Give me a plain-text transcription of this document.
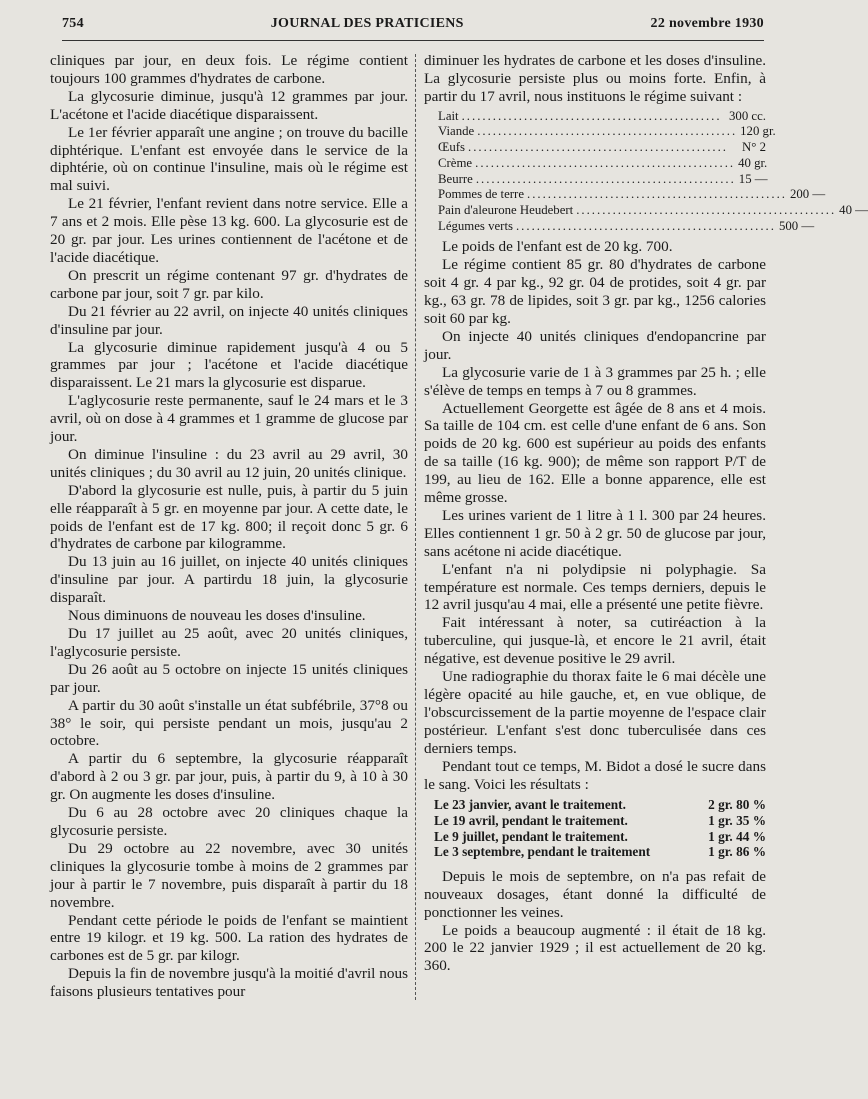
754	JOURNAL DES PRATICIENS	22 novembre 1930

cliniques par jour, en deux fois. Le régime contient toujours 100 grammes d'hydrates de carbone.

La glycosurie diminue, jusqu'à 12 grammes par jour. L'acétone et l'acide diacétique disparaissent.

Le 1er février apparaît une angine ; on trouve du bacille diphtérique. L'enfant est envoyée dans le service de la diphtérie, où on continue l'insuline, mais où le régime est mal suivi.

Le 21 février, l'enfant revient dans notre service. Elle a 7 ans et 2 mois. Elle pèse 13 kg. 600. La glycosurie est de 20 gr. par jour. Les urines contiennent de l'acétone et de l'acide diacétique.

On prescrit un régime contenant 97 gr. d'hydrates de carbone par jour, soit 7 gr. par kilo.

Du 21 février au 22 avril, on injecte 40 unités cliniques d'insuline par jour.

La glycosurie diminue rapidement jusqu'à 4 ou 5 grammes par jour ; l'acétone et l'acide diacétique disparaissent. Le 21 mars la glycosurie est disparue.

L'aglycosurie reste permanente, sauf le 24 mars et le 3 avril, où on dose à 4 grammes et 1 gramme de glucose par jour.

On diminue l'insuline : du 23 avril au 29 avril, 30 unités cliniques ; du 30 avril au 12 juin, 20 unités clinique.

D'abord la glycosurie est nulle, puis, à partir du 5 juin elle réapparaît à 5 gr. en moyenne par jour. A cette date, le poids de l'enfant est de 17 kg. 800; il reçoit donc 5 gr. 6 d'hydrates de carbone par kilogramme.

Du 13 juin au 16 juillet, on injecte 40 unités cliniques d'insuline par jour. A partirdu 18 juin, la glycosurie disparaît.

Nous diminuons de nouveau les doses d'insuline.

Du 17 juillet au 25 août, avec 20 unités cliniques, l'aglycosurie persiste.

Du 26 août au 5 octobre on injecte 15 unités cliniques par jour.

A partir du 30 août s'installe un état subfébrile, 37°8 ou 38° le soir, qui persiste pendant un mois, jusqu'au 2 octobre.

A partir du 6 septembre, la glycosurie réapparaît d'abord à 2 ou 3 gr. par jour, puis, à partir du 9, à 10 à 30 gr. On augmente les doses d'insuline.

Du 6 au 28 octobre avec 20 cliniques chaque la glycosurie persiste.

Du 29 octobre au 22 novembre, avec 30 unités cliniques la glycosurie tombe à moins de 2 grammes par jour à partir le 7 novembre, puis disparaît à partir du 18 novembre.

Pendant cette période le poids de l'enfant se maintient entre 19 kilogr. et 19 kg. 500. La ration des hydrates de carbones est de 5 gr. par kilogr.

Depuis la fin de novembre jusqu'à la moitié d'avril nous faisons plusieurs tentatives pour

diminuer les hydrates de carbone et les doses d'insuline. La glycosurie persiste plus ou moins forte. Enfin, à partir du 17 avril, nous instituons le régime suivant :

Lait .................................................. 300 cc.
Viande .................................................. 120 gr.
Œufs ..................................................	N° 2
Crème .................................................. 40 gr.
Beurre .................................................. 15 —
Pommes de terre .................................................. 200 —
Pain d'aleurone Heudebert .................................................. 40 —
Légumes verts .................................................. 500 —

Le poids de l'enfant est de 20 kg. 700.

Le régime contient 85 gr. 80 d'hydrates de carbone soit 4 gr. 4 par kg., 92 gr. 04 de protides, soit 4 gr. par kg., 63 gr. 78 de lipides, soit 3 gr. par kg., 1256 calories soit 60 par kg.

On injecte 40 unités cliniques d'endopancrine par jour.

La glycosurie varie de 1 à 3 grammes par 25 h. ; elle s'élève de temps en temps à 7 ou 8 grammes.

Actuellement Georgette est âgée de 8 ans et 4 mois. Sa taille de 104 cm. est celle d'une enfant de 6 ans. Son poids de 20 kg. 600 est supérieur au poids des enfants de sa taille (16 kg. 900); de même son rapport P/T de 199, au lieu de 162. Elle a bonne apparence, elle est même grosse.

Les urines varient de 1 litre à 1 l. 300 par 24 heures. Elles contiennent 1 gr. 50 à 2 gr. 50 de glucose par jour, sans acétone ni acide diacétique.

L'enfant n'a ni polydipsie ni polyphagie. Sa température est normale. Ces temps derniers, depuis le 12 avril jusqu'au 4 mai, elle a présenté une petite fièvre.

Fait intéressant à noter, sa cutiréaction à la tuberculine, qui jusque-là, et encore le 21 avril, était négative, est devenue positive le 29 avril.

Une radiographie du thorax faite le 6 mai décèle une légère opacité au hile gauche, et, en vue oblique, de l'obscurcissement de la partie moyenne de l'espace clair postérieur. L'enfant s'est donc tuberculisée dans ces derniers temps.

Pendant tout ce temps, M. Bidot a dosé le sucre dans le sang. Voici les résultats :

Le 23 janvier, avant le traitement.	2 gr. 80 %
Le 19 avril, pendant le traitement.	1 gr. 35 %
Le 9 juillet, pendant le traitement.	1 gr. 44 %
Le 3 septembre, pendant le traitement	1 gr. 86 %

Depuis le mois de septembre, on n'a pas refait de nouveaux dosages, étant donné la difficulté de ponctionner les veines.

Le poids a beaucoup augmenté : il était de 18 kg. 200 le 22 janvier 1929 ; il est actuellement de 20 kg. 360.
